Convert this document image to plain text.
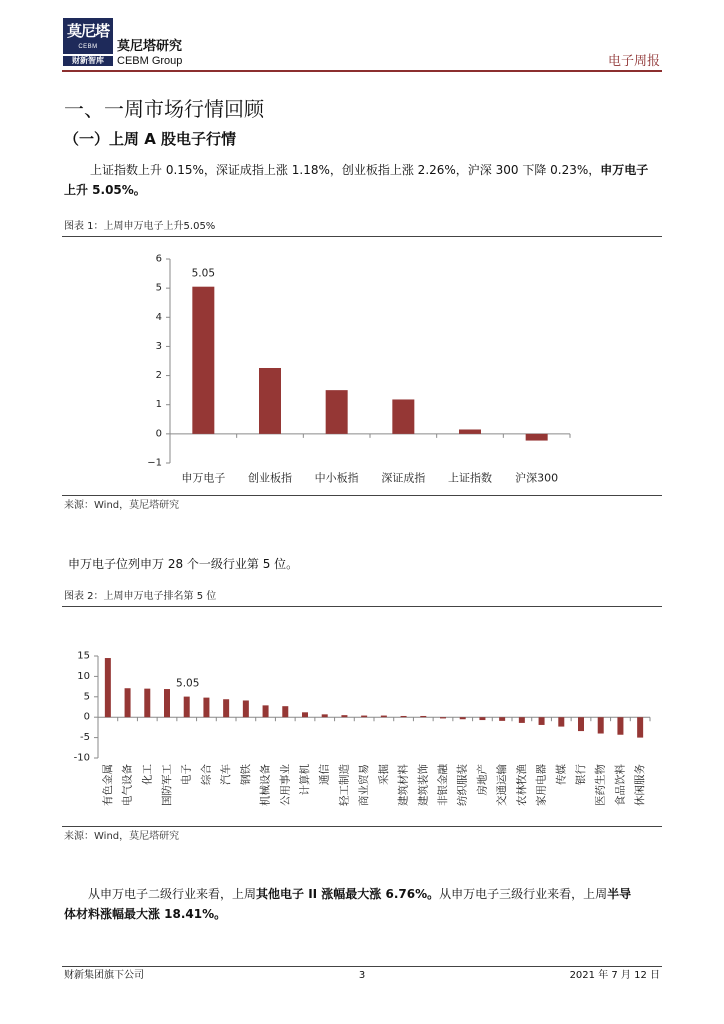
莫尼塔
CEBM
财新智库
莫尼塔研究
CEBM Group	电子周报
一、一周市场行情回顾
（一）上周 A 股电子行情
上证指数上升 0.15%，深证成指上涨 1.18%，创业板指上涨 2.26%，沪深 300 下降 0.23%，申万电子
上升 5.05%。
图表 1：上周申万电子上升5.05%
6
5
4
3
2
1
0
−1
申万电子 创业板指 中小板指 深证成指 上证指数 沪深300
5.05
来源：Wind，莫尼塔研究
申万电子位列申万 28 个一级行业第 5 位。
图表 2：上周申万电子排名第 5 位
15
10
5
0
-5
-10
有色金属 电气设备 化工 国防军工 电子 综合 汽车 钢铁 机械设备 公用事业 计算机 通信 轻工制造 商业贸易 采掘 建筑材料 建筑装饰 非银金融 纺织服装 房地产 交通运输 农林牧渔 家用电器 传媒 银行 医药生物 食品饮料 休闲服务
5.05
来源：Wind，莫尼塔研究
从申万电子二级行业来看，上周其他电子 II 涨幅最大涨 6.76%。从申万电子三级行业来看，上周半导
体材料涨幅最大涨 18.41%。
财新集团旗下公司	3	2021 年 7 月 12 日
